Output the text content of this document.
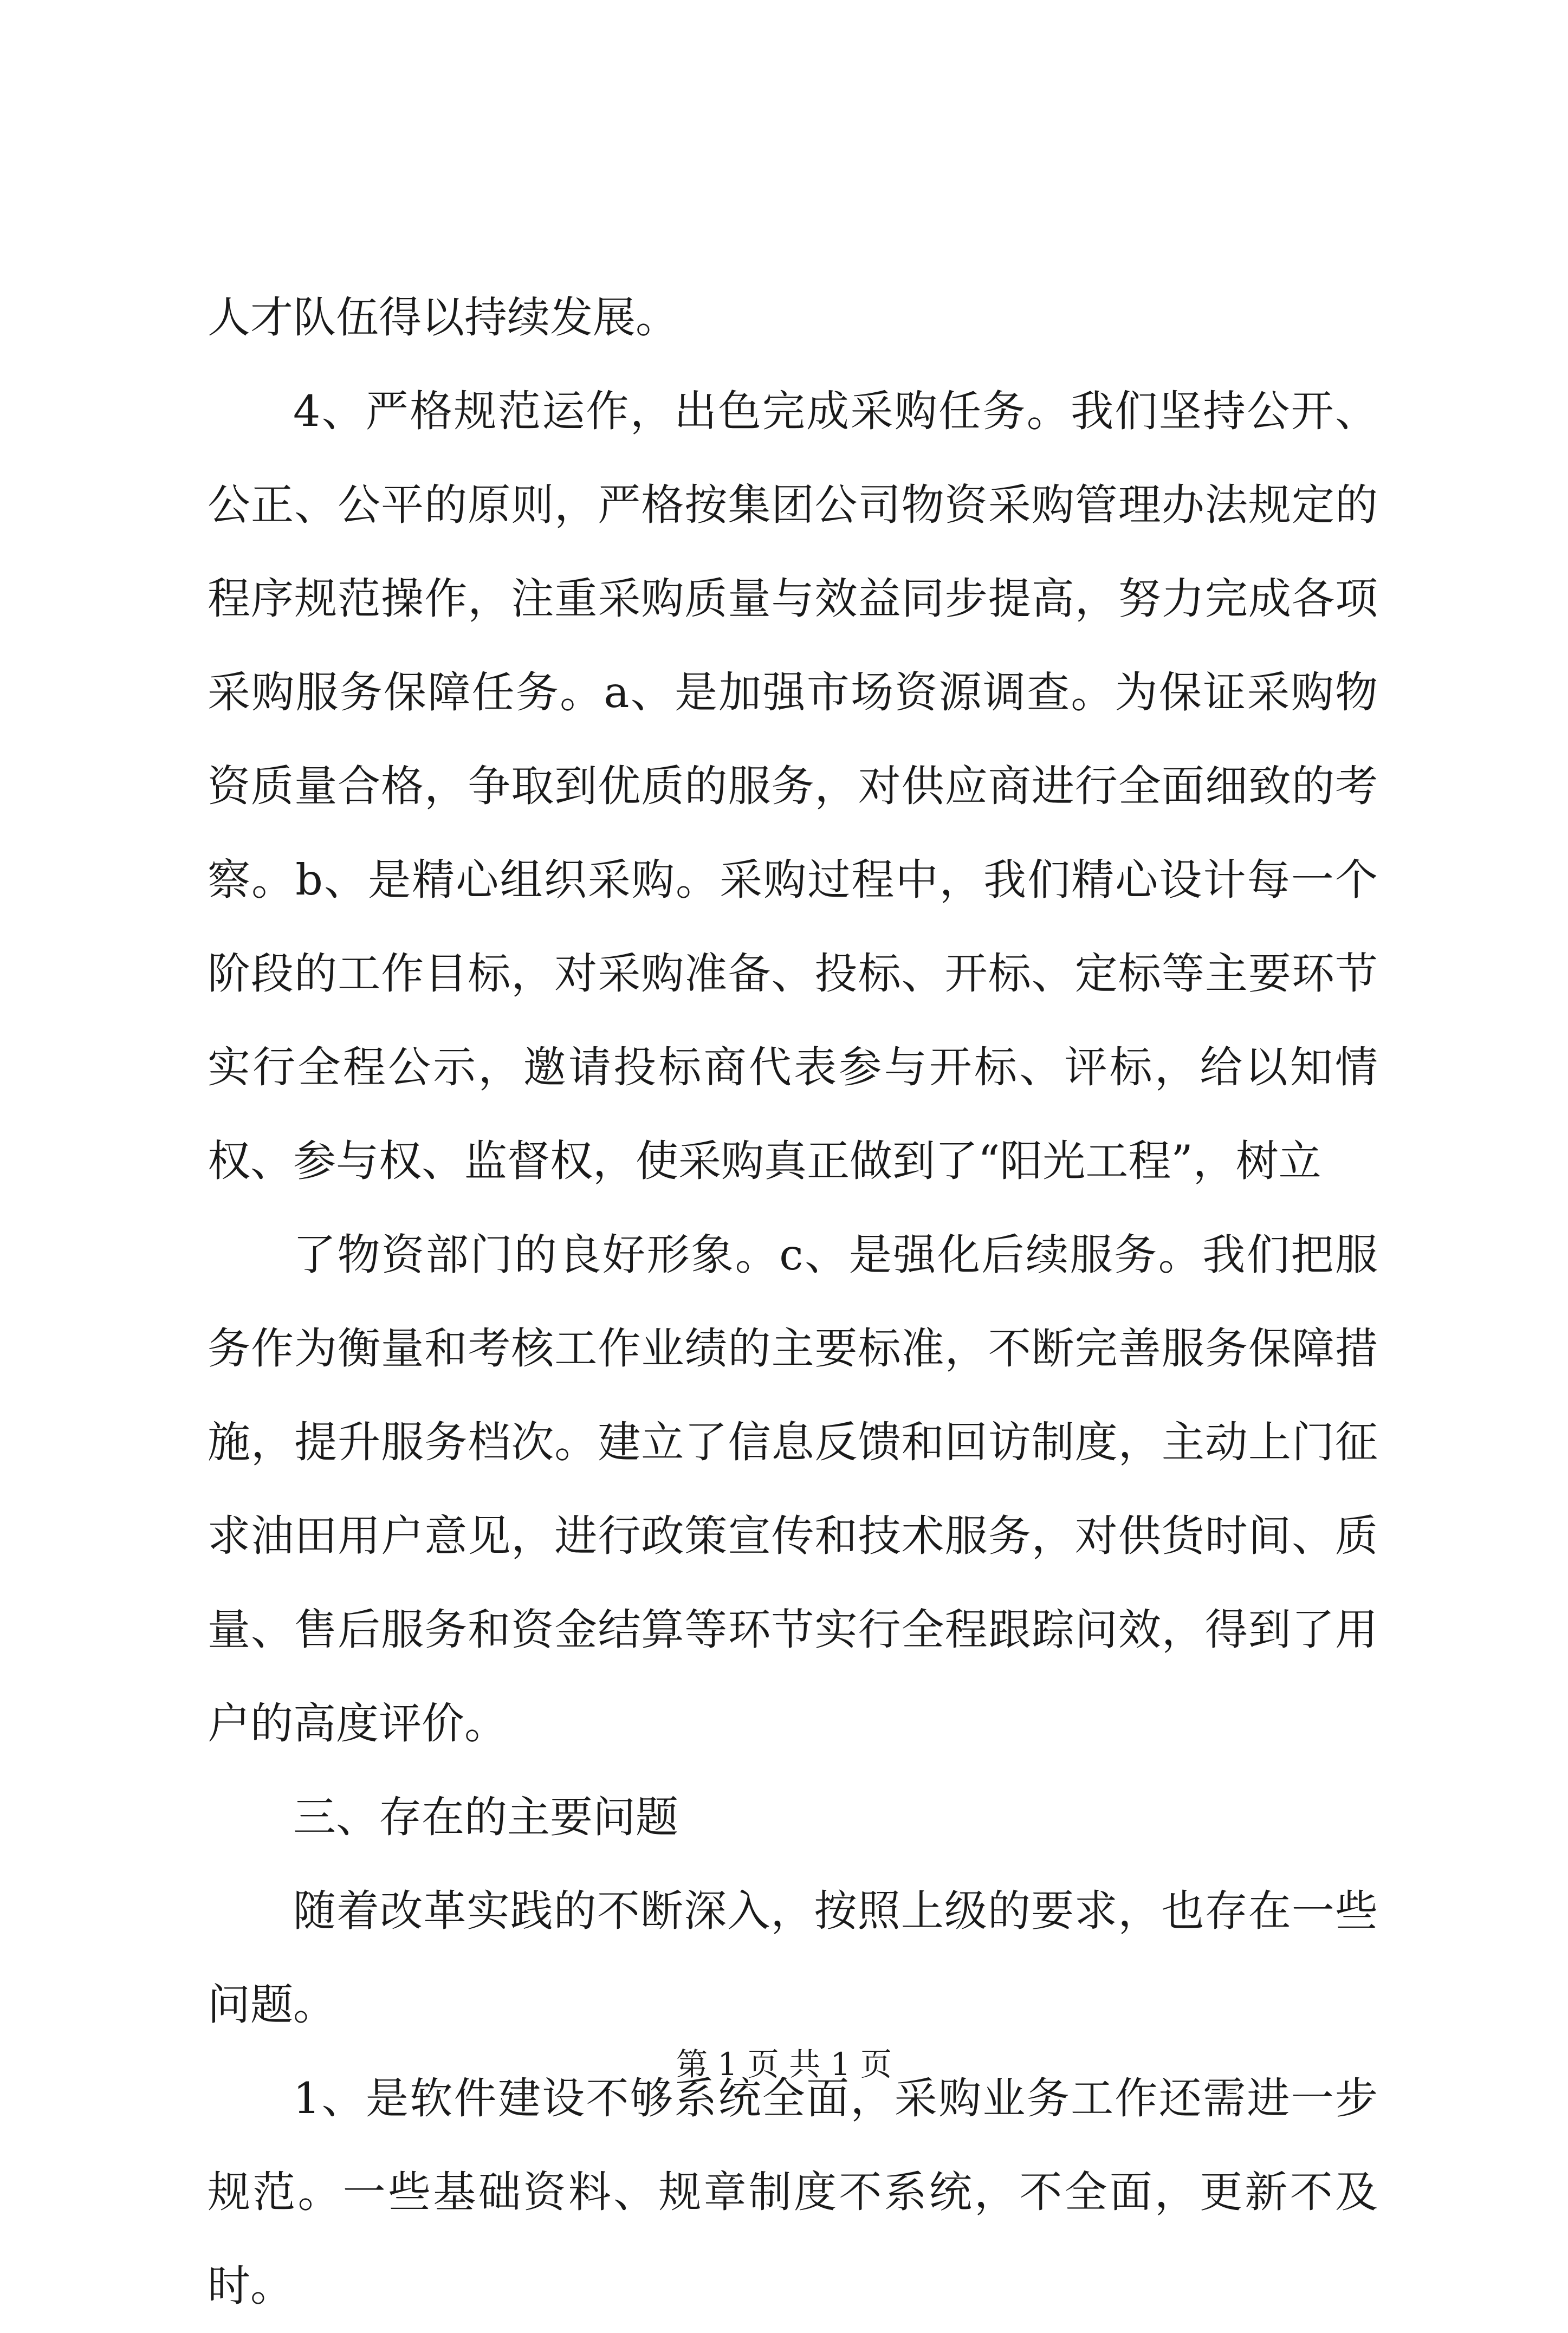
人才队伍得以持续发展。

4、严格规范运作，出色完成采购任务。我们坚持公开、公正、公平的原则，严格按集团公司物资采购管理办法规定的程序规范操作，注重采购质量与效益同步提高，努力完成各项采购服务保障任务。a、是加强市场资源调查。为保证采购物资质量合格，争取到优质的服务，对供应商进行全面细致的考察。b、是精心组织采购。采购过程中，我们精心设计每一个阶段的工作目标，对采购准备、投标、开标、定标等主要环节实行全程公示，邀请投标商代表参与开标、评标，给以知情权、参与权、监督权，使采购真正做到了“阳光工程”，树立

了物资部门的良好形象。c、是强化后续服务。我们把服务作为衡量和考核工作业绩的主要标准，不断完善服务保障措施，提升服务档次。建立了信息反馈和回访制度，主动上门征求油田用户意见，进行政策宣传和技术服务，对供货时间、质量、售后服务和资金结算等环节实行全程跟踪问效，得到了用户的高度评价。

三、存在的主要问题

随着改革实践的不断深入，按照上级的要求，也存在一些问题。

1、是软件建设不够系统全面，采购业务工作还需进一步规范。一些基础资料、规章制度不系统，不全面，更新不及时。

第 1 页 共 1 页
